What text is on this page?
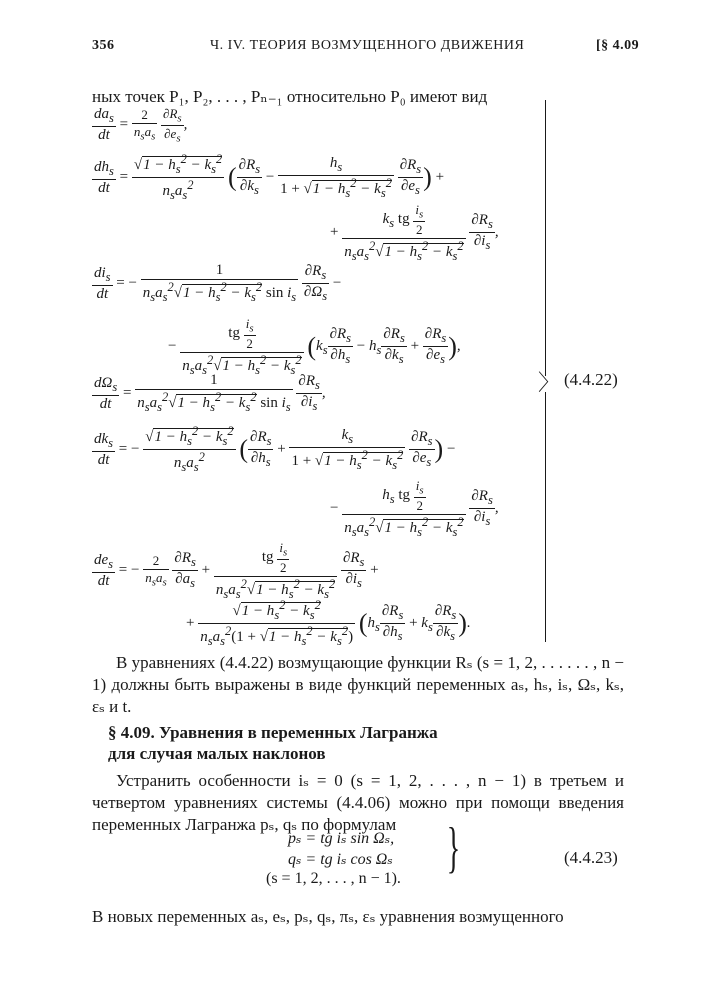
356	Ч. IV. ТЕОРИЯ ВОЗМУЩЕННОГО ДВИЖЕНИЯ	[§ 4.09
ных точек P₁, P₂, . . . , Pₙ₋₁ относительно P₀ имеют вид
$\frac{da_s}{dt} = \frac{2}{n_sa_s}$
$\frac{\partial R_s}{\partial e_s}$ ,
$\frac{dh_s}{dt} = \frac{√1 - h_s^2 - k_s^2}{n_sa_s^2}$ ( $\frac{\partial R_s}{\partial k_s} - \frac{h_s}{1 + √1 - h_s^2 - k_s^2}$
$\frac{\partial R_s}{\partial e_s}$ ) +
+ $\frac{k_s tg \frac{i_s}{2}}{n_sa_s^2√1 - h_s^2 - k_s^2}$
$\frac{\partial R_s}{\partial i_s}$ ,
$\frac{di_s}{dt}$ = − $\frac{1}{n_sa_s^2√1 - h_s^2 - k_s^2 \sin i_s}$
$\frac{\partial R_s}{\partial\Omega_s}$ −
− $\frac{tg \frac{i_s}{2}}{n_sa_s^2√1 - h_s^2 - k_s^2} (k_s \frac{\partial R_s}{\partial h_s} - h_s \frac{\partial R_s}{\partial k_s} + \frac{\partial R_s}{\partial e_s}$ ),
$\frac{d\Omega_s}{dt} = \frac{1}{n_sa_s^2√1 - h_s^2 - k_s^2 \sin i_s}$
$\frac{\partial R_s}{\partial i_s}$ ,
$\frac{dk_s}{dt}$ = − $\frac{√1 - h_s^2 - k_s^2}{n_sa_s^2}$ ( $\frac{\partial R_s}{\partial h_s} + \frac{k_s}{1 + √1 - h_s^2 - k_s^2}$
$\frac{\partial R_s}{\partial e_s}$ ) −
− $\frac{h_s tg \frac{i_s}{2}}{n_sa_s^2√1 - h_s^2 - k_s^2}$
$\frac{\partial R_s}{\partial i_s}$ ,
$\frac{de_s}{dt}$ = − $\frac{2}{n_sa_s}$
$\frac{\partial R_s}{\partial a_s} + \frac{tg \frac{i_s}{2}}{n_sa_s^2√1 - h_s^2 - k_s^2}$
$\frac{\partial R_s}{\partial i_s}$ +
+ $\frac{√1 - h_s^2 - k_s^2}{n_sa_s^2(1 + √1 - h_s^2 - k_s^2)} (h_s \frac{\partial R_s}{\partial h_s} + k_s \frac{\partial R_s}{\partial k_s}$ ).
〉 (4.4.22)
В уравнениях (4.4.22) возмущающие функции Rₛ (s = 1, 2, . . . . . . , n − 1) должны быть выражены в виде функций переменных aₛ, hₛ, iₛ, Ωₛ, kₛ, εₛ и t.
§ 4.09. Уравнения в переменных Лагранжа
для случая малых наклонов
Устранить особенности iₛ = 0 (s = 1, 2, . . . , n − 1) в третьем и четвертом уравнениях системы (4.4.06) можно при помощи введения переменных Лагранжа pₛ, qₛ по формулам
pₛ = tg iₛ sin Ωₛ,
qₛ = tg iₛ cos Ωₛ
(s = 1, 2, . . . , n − 1). }	(4.4.23)
В новых переменных aₛ, eₛ, pₛ, qₛ, πₛ, εₛ уравнения возмущенного
